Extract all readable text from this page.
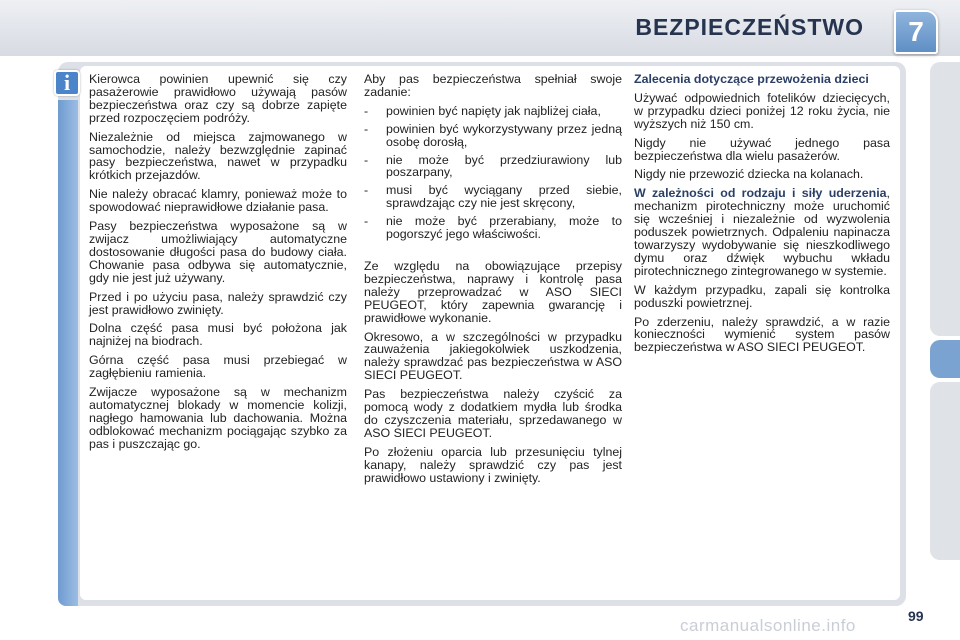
BEZPIECZEŃSTWO	7
i	Kierowca powinien upewnić się czy pasażerowie prawidłowo używają pasów bezpieczeństwa oraz czy są dobrze zapięte przed rozpoczęciem podróży.

Niezależnie od miejsca zajmowanego w samochodzie, należy bezwzględnie zapinać pasy bezpieczeństwa, nawet w przypadku krótkich przejazdów.

Nie należy obracać klamry, ponieważ może to spowodować nieprawidłowe działanie pasa.

Pasy bezpieczeństwa wyposażone są w zwijacz umożliwiający automatyczne dostosowanie długości pasa do budowy ciała. Chowanie pasa odbywa się automatycznie, gdy nie jest już używany.

Przed i po użyciu pasa, należy sprawdzić czy jest prawidłowo zwinięty.

Dolna część pasa musi być położona jak najniżej na biodrach.

Górna część pasa musi przebiegać w zagłębieniu ramienia.

Zwijacze wyposażone są w mechanizm automatycznej blokady w momencie kolizji, nagłego hamowania lub dachowania. Można odblokować mechanizm pociągając szybko za pas i puszczając go.

Aby pas bezpieczeństwa spełniał swoje zadanie:

- powinien być napięty jak najbliżej ciała,
- powinien być wykorzystywany przez jedną osobę dorosłą,
- nie może być przedziurawiony lub poszarpany,
- musi być wyciągany przed siebie, sprawdzając czy nie jest skręcony,
- nie może być przerabiany, może to pogorszyć jego właściwości.

Ze względu na obowiązujące przepisy bezpieczeństwa, naprawy i kontrolę pasa należy przeprowadzać w ASO SIECI PEUGEOT, który zapewnia gwarancję i prawidłowe wykonanie.

Okresowo, a w szczególności w przypadku zauważenia jakiegokolwiek uszkodzenia, należy sprawdzać pas bezpieczeństwa w ASO SIECI PEUGEOT.

Pas bezpieczeństwa należy czyścić za pomocą wody z dodatkiem mydła lub środka do czyszczenia materiału, sprzedawanego w ASO SIECI PEUGEOT.

Po złożeniu oparcia lub przesunięciu tylnej kanapy, należy sprawdzić czy pas jest prawidłowo ustawiony i zwinięty.

Zalecenia dotyczące przewożenia dzieci

Używać odpowiednich fotelików dziecięcych, w przypadku dzieci poniżej 12 roku życia, nie wyższych niż 150 cm.

Nigdy nie używać jednego pasa bezpieczeństwa dla wielu pasażerów.

Nigdy nie przewozić dziecka na kolanach.

W zależności od rodzaju i siły uderzenia, mechanizm pirotechniczny może uruchomić się wcześniej i niezależnie od wyzwolenia poduszek powietrznych. Odpaleniu napinacza towarzyszy wydobywanie się nieszkodliwego dymu oraz dźwięk wybuchu wkładu pirotechnicznego zintegrowanego w systemie.

W każdym przypadku, zapali się kontrolka poduszki powietrznej.

Po zderzeniu, należy sprawdzić, a w razie konieczności wymienić system pasów bezpieczeństwa w ASO SIECI PEUGEOT.

carmanualsonline.info	99
